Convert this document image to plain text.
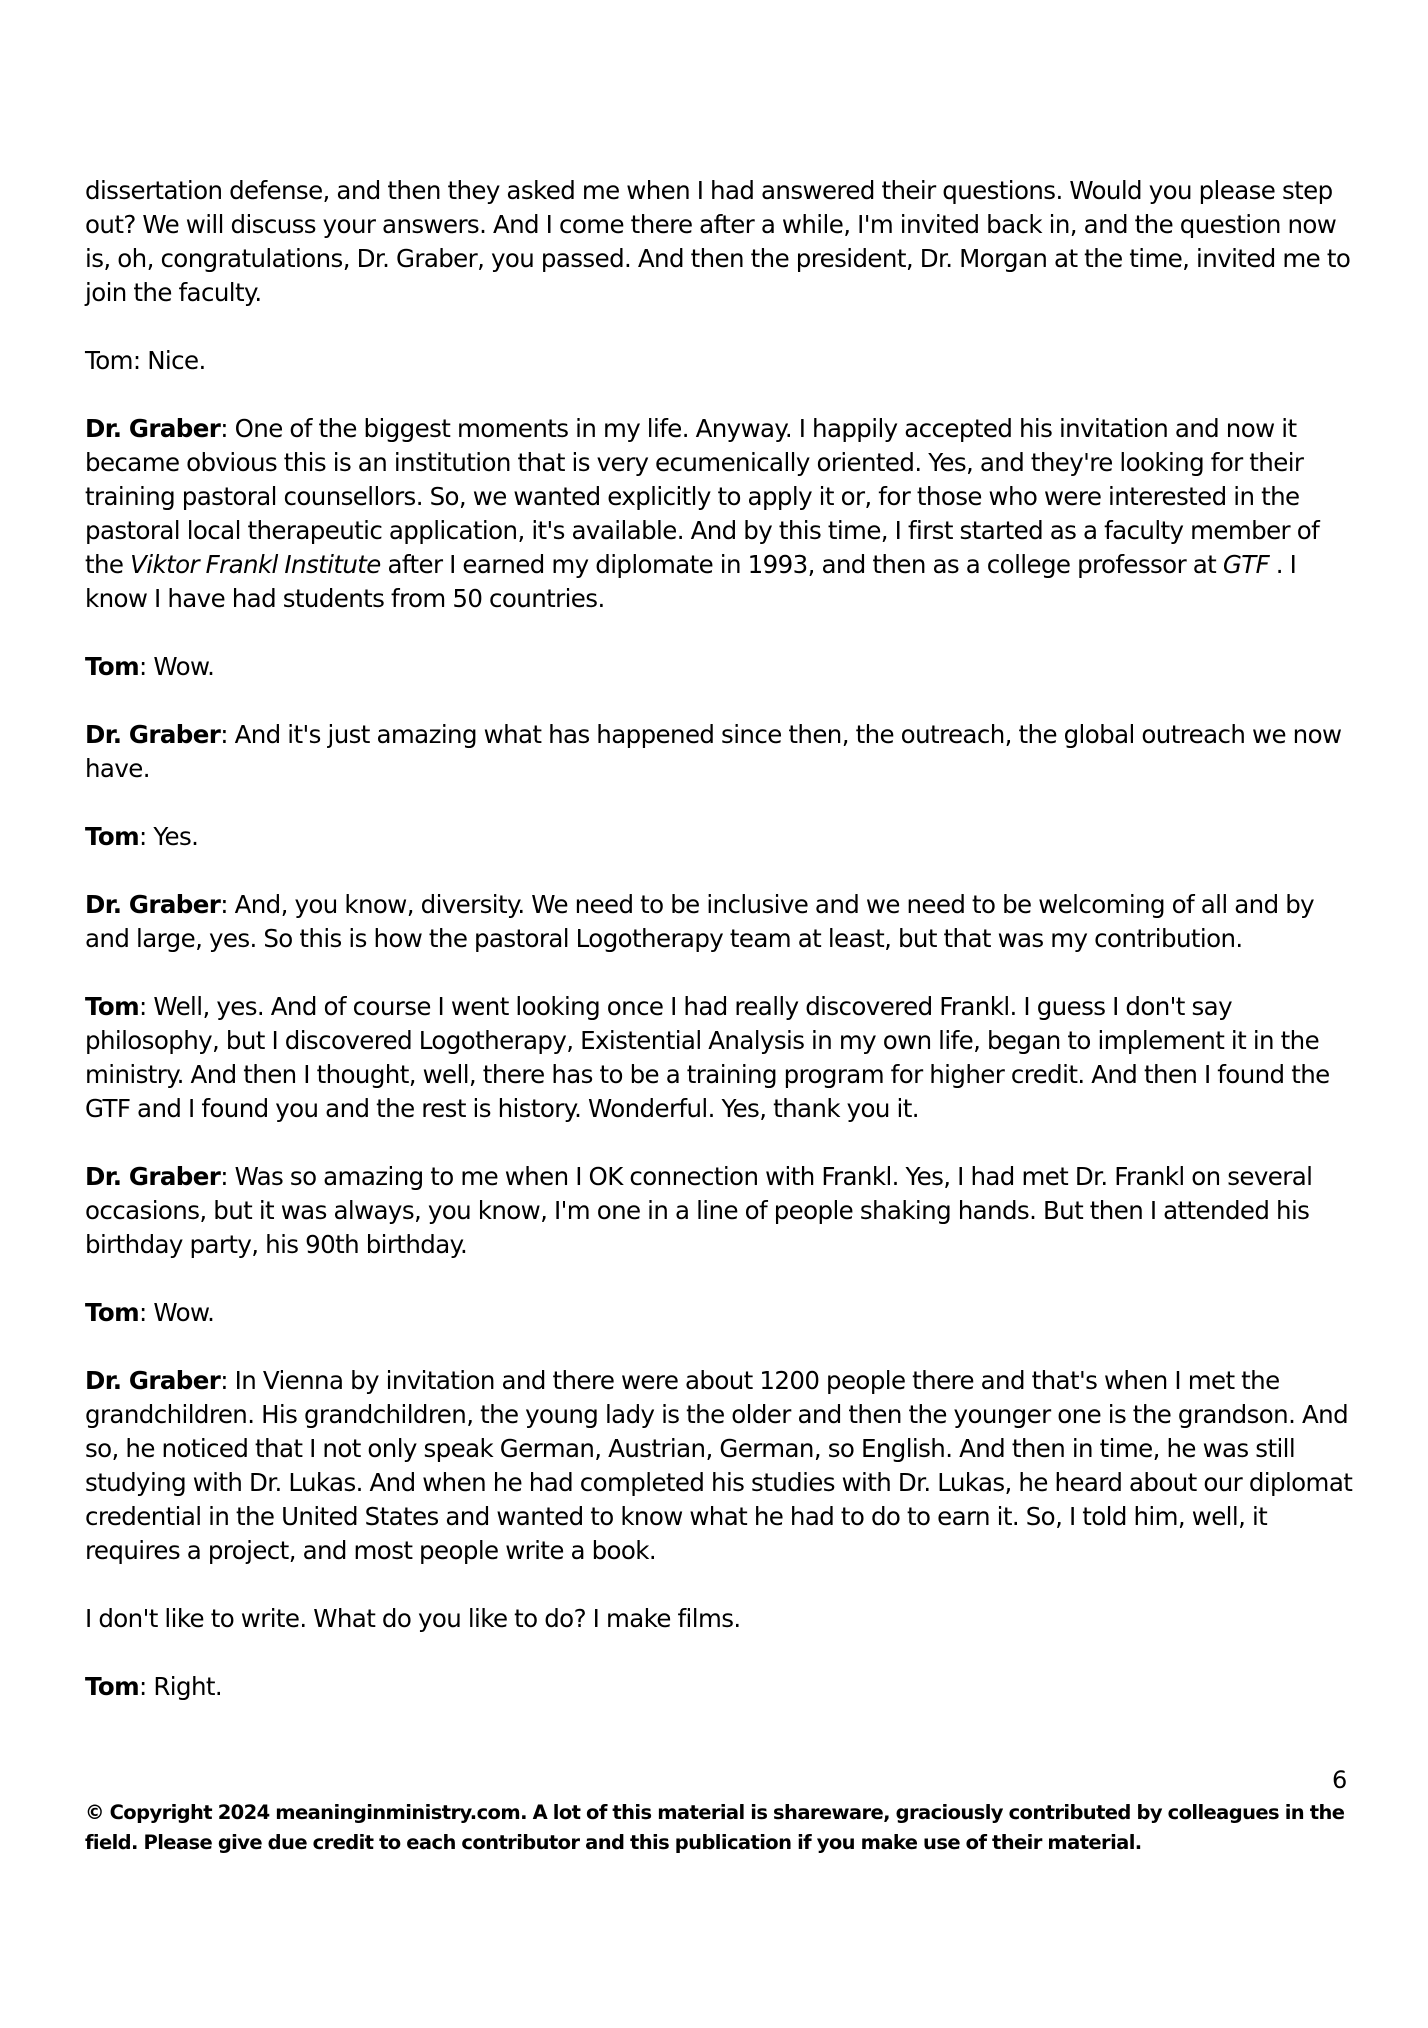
dissertation defense, and then they asked me when I had answered their questions. Would you please step out? We will discuss your answers. And I come there after a while, I'm invited back in, and the question now is, oh, congratulations, Dr. Graber, you passed. And then the president, Dr. Morgan at the time, invited me to join the faculty.

Tom: Nice.

Dr. Graber: One of the biggest moments in my life. Anyway. I happily accepted his invitation and now it became obvious this is an institution that is very ecumenically oriented. Yes, and they're looking for their training pastoral counsellors. So, we wanted explicitly to apply it or, for those who were interested in the pastoral local therapeutic application, it's available. And by this time, I first started as a faculty member of the Viktor Frankl Institute after I earned my diplomate in 1993, and then as a college professor at GTF . I know I have had students from 50 countries.

Tom: Wow.

Dr. Graber: And it's just amazing what has happened since then, the outreach, the global outreach we now have.

Tom: Yes.

Dr. Graber: And, you know, diversity. We need to be inclusive and we need to be welcoming of all and by and large, yes. So this is how the pastoral Logotherapy team at least, but that was my contribution.

Tom: Well, yes. And of course I went looking once I had really discovered Frankl. I guess I don't say philosophy, but I discovered Logotherapy, Existential Analysis in my own life, began to implement it in the ministry. And then I thought, well, there has to be a training program for higher credit. And then I found the GTF and I found you and the rest is history. Wonderful. Yes, thank you it.

Dr. Graber: Was so amazing to me when I OK connection with Frankl. Yes, I had met Dr. Frankl on several occasions, but it was always, you know, I'm one in a line of people shaking hands. But then I attended his birthday party, his 90th birthday.

Tom: Wow.

Dr. Graber: In Vienna by invitation and there were about 1200 people there and that's when I met the grandchildren. His grandchildren, the young lady is the older and then the younger one is the grandson. And so, he noticed that I not only speak German, Austrian, German, so English. And then in time, he was still studying with Dr. Lukas. And when he had completed his studies with Dr. Lukas, he heard about our diplomat credential in the United States and wanted to know what he had to do to earn it. So, I told him, well, it requires a project, and most people write a book.

I don't like to write. What do you like to do? I make films.

Tom: Right.

6
© Copyright 2024 meaninginministry.com. A lot of this material is shareware, graciously contributed by colleagues in the field. Please give due credit to each contributor and this publication if you make use of their material.
